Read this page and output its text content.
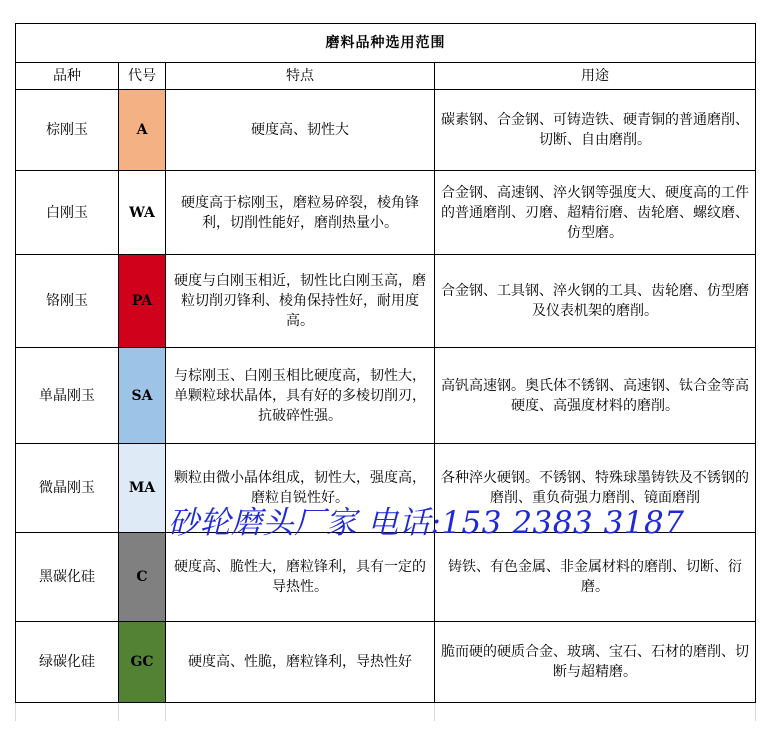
磨料品种选用范围			
品种	代号	特点	用途
棕刚玉	A	硬度高、韧性大	碳素钢、合金钢、可铸造铁、硬青铜的普通磨削、切断、自由磨削。
白刚玉	WA	硬度高于棕刚玉，磨粒易碎裂，棱角锋利，切削性能好，磨削热量小。	合金钢、高速钢、淬火钢等强度大、硬度高的工件的普通磨削、刃磨、超精衍磨、齿轮磨、螺纹磨、仿型磨。
铬刚玉	PA	硬度与白刚玉相近，韧性比白刚玉高，磨粒切削刃锋利、棱角保持性好，耐用度高。	合金钢、工具钢、淬火钢的工具、齿轮磨、仿型磨及仪表机架的磨削。
单晶刚玉	SA	与棕刚玉、白刚玉相比硬度高，韧性大，单颗粒球状晶体，具有好的多棱切削刃，抗破碎性强。	高钒高速钢。奥氏体不锈钢、高速钢、钛合金等高硬度、高强度材料的磨削。
微晶刚玉	MA	颗粒由微小晶体组成，韧性大，强度高，磨粒自锐性好。	各种淬火硬钢。不锈钢、特殊球墨铸铁及不锈钢的磨削、重负荷强力磨削、镜面磨削
黑碳化硅	C	硬度高、脆性大，磨粒锋利，具有一定的导热性。	铸铁、有色金属、非金属材料的磨削、切断、衍磨。
绿碳化硅	GC	硬度高、性脆，磨粒锋利，导热性好	脆而硬的硬质合金、玻璃、宝石、石材的磨削、切断与超精磨。
砂轮磨头厂家 电话:153 2383 3187
